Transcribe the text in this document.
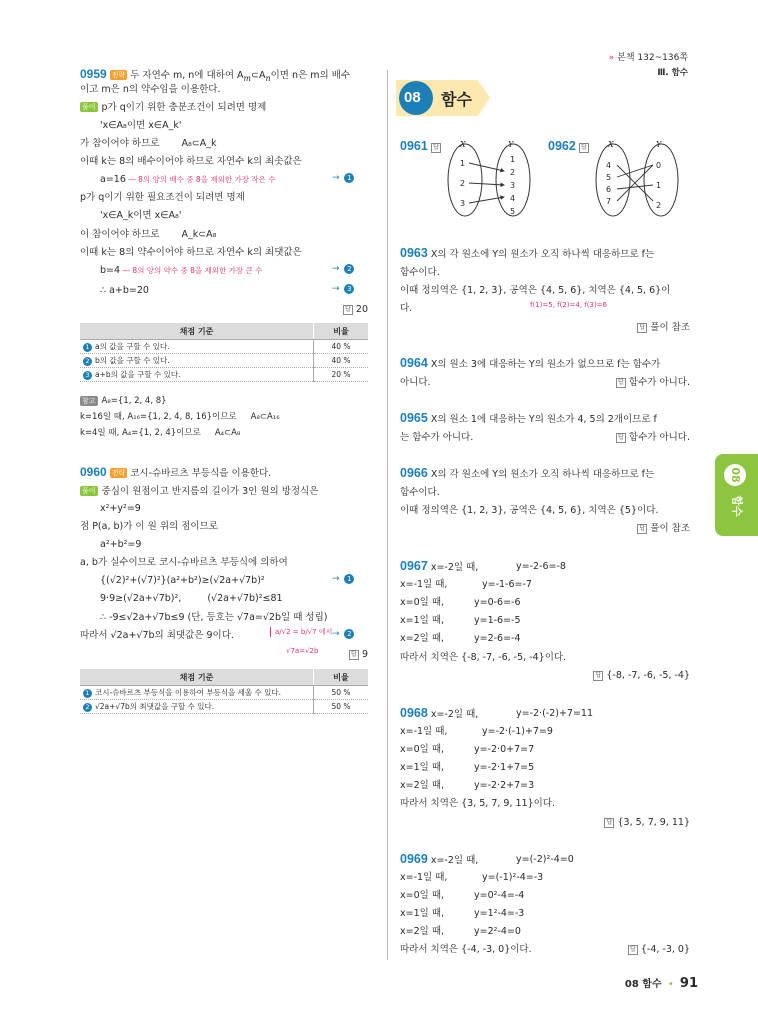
» 본책 132~136쪽
Ⅲ. 함수
08 함수
0959 전략 두 자연수 m, n에 대하여 $A_m\subset A_n$이면 n은 m의 배수
이고 m은 n의 약수임을 이용한다.
풀이 p가 q이기 위한 충분조건이 되려면 명제
'x∈A₈이면 x∈A_k'
가 참이어야 하므로 A₈⊂A_k
이때 k는 8의 배수이어야 하므로 자연수 k의 최솟값은
a=16 ― 8의 양의 배수 중 8을 제외한 가장 작은 수	→ 1
p가 q이기 위한 필요조건이 되려면 명제
'x∈A_k이면 x∈A₈'
이 참이어야 하므로 A_k⊂A₈
이때 k는 8의 약수이어야 하므로 자연수 k의 최댓값은
b=4 ― 8의 양의 약수 중 8을 제외한 가장 큰 수	→ 2
∴ a+b=20	→ 3
답 20
채점 기준	비율
1 a의 값을 구할 수 있다.	40 %
2 b의 값을 구할 수 있다.	40 %
3 a+b의 값을 구할 수 있다.	20 %
참고 A₈={1, 2, 4, 8}
k=16일 때, A₁₆={1, 2, 4, 8, 16}이므로 A₈⊂A₁₆
k=4일 때, A₄={1, 2, 4}이므로 A₄⊂A₈
0960 전략 코시-슈바르츠 부등식을 이용한다.
풀이 중심이 원점이고 반지름의 길이가 3인 원의 방정식은
x²+y²=9
점 P(a, b)가 이 원 위의 점이므로
a²+b²=9
a, b가 실수이므로 코시-슈바르츠 부등식에 의하여
{(√2)²+(√7)²}(a²+b²)≥(√2a+√7b)²	→ 1
9·9≥(√2a+√7b)²,	(√2a+√7b)²≤81
∴ -9≤√2a+√7b≤9 (단, 등호는 √7a=√2b일 때 성립)
따라서 √2a+√7b의 최댓값은 9이다.	a/√2 = b/√7 에서
√7a=√2b
→ 2
답 9
채점 기준	비율
1 코시-슈바르츠 부등식을 이용하여 부등식을 세울 수 있다.	50 %
2 √2a+√7b의 최댓값을 구할 수 있다.	50 %
0961 답	X	Y
1
2
3
1
2
3
4
5
0962 답	X	Y
4
5
6
7
0
1
2
0963 X의 각 원소에 Y의 원소가 오직 하나씩 대응하므로 f는
함수이다.
이때 정의역은 {1, 2, 3}, 공역은 {4, 5, 6}, 치역은 {4, 5, 6}이
다.	f(1)=5, f(2)=4, f(3)=6
답 풀이 참조
0964 X의 원소 3에 대응하는 Y의 원소가 없으므로 f는 함수가
아니다.	답 함수가 아니다.
0965 X의 원소 1에 대응하는 Y의 원소가 4, 5의 2개이므로 f
는 함수가 아니다.	답 함수가 아니다.
0966 X의 각 원소에 Y의 원소가 오직 하나씩 대응하므로 f는
함수이다.
이때 정의역은 {1, 2, 3}, 공역은 {4, 5, 6}, 치역은 {5}이다.
답 풀이 참조
0967 x=-2일 때,	y=-2-6=-8
x=-1일 때,	y=-1-6=-7
x=0일 때,	y=0-6=-6
x=1일 때,	y=1-6=-5
x=2일 때,	y=2-6=-4
따라서 치역은 {-8, -7, -6, -5, -4}이다.
답 {-8, -7, -6, -5, -4}
0968 x=-2일 때,	y=-2·(-2)+7=11
x=-1일 때,	y=-2·(-1)+7=9
x=0일 때,	y=-2·0+7=7
x=1일 때,	y=-2·1+7=5
x=2일 때,	y=-2·2+7=3
따라서 치역은 {3, 5, 7, 9, 11}이다.
답 {3, 5, 7, 9, 11}
0969 x=-2일 때,	y=(-2)²-4=0
x=-1일 때,	y=(-1)²-4=-3
x=0일 때,	y=0²-4=-4
x=1일 때,	y=1²-4=-3
x=2일 때,	y=2²-4=0
따라서 치역은 {-4, -3, 0}이다.	답 {-4, -3, 0}
08
함수
08 함수 • 91
